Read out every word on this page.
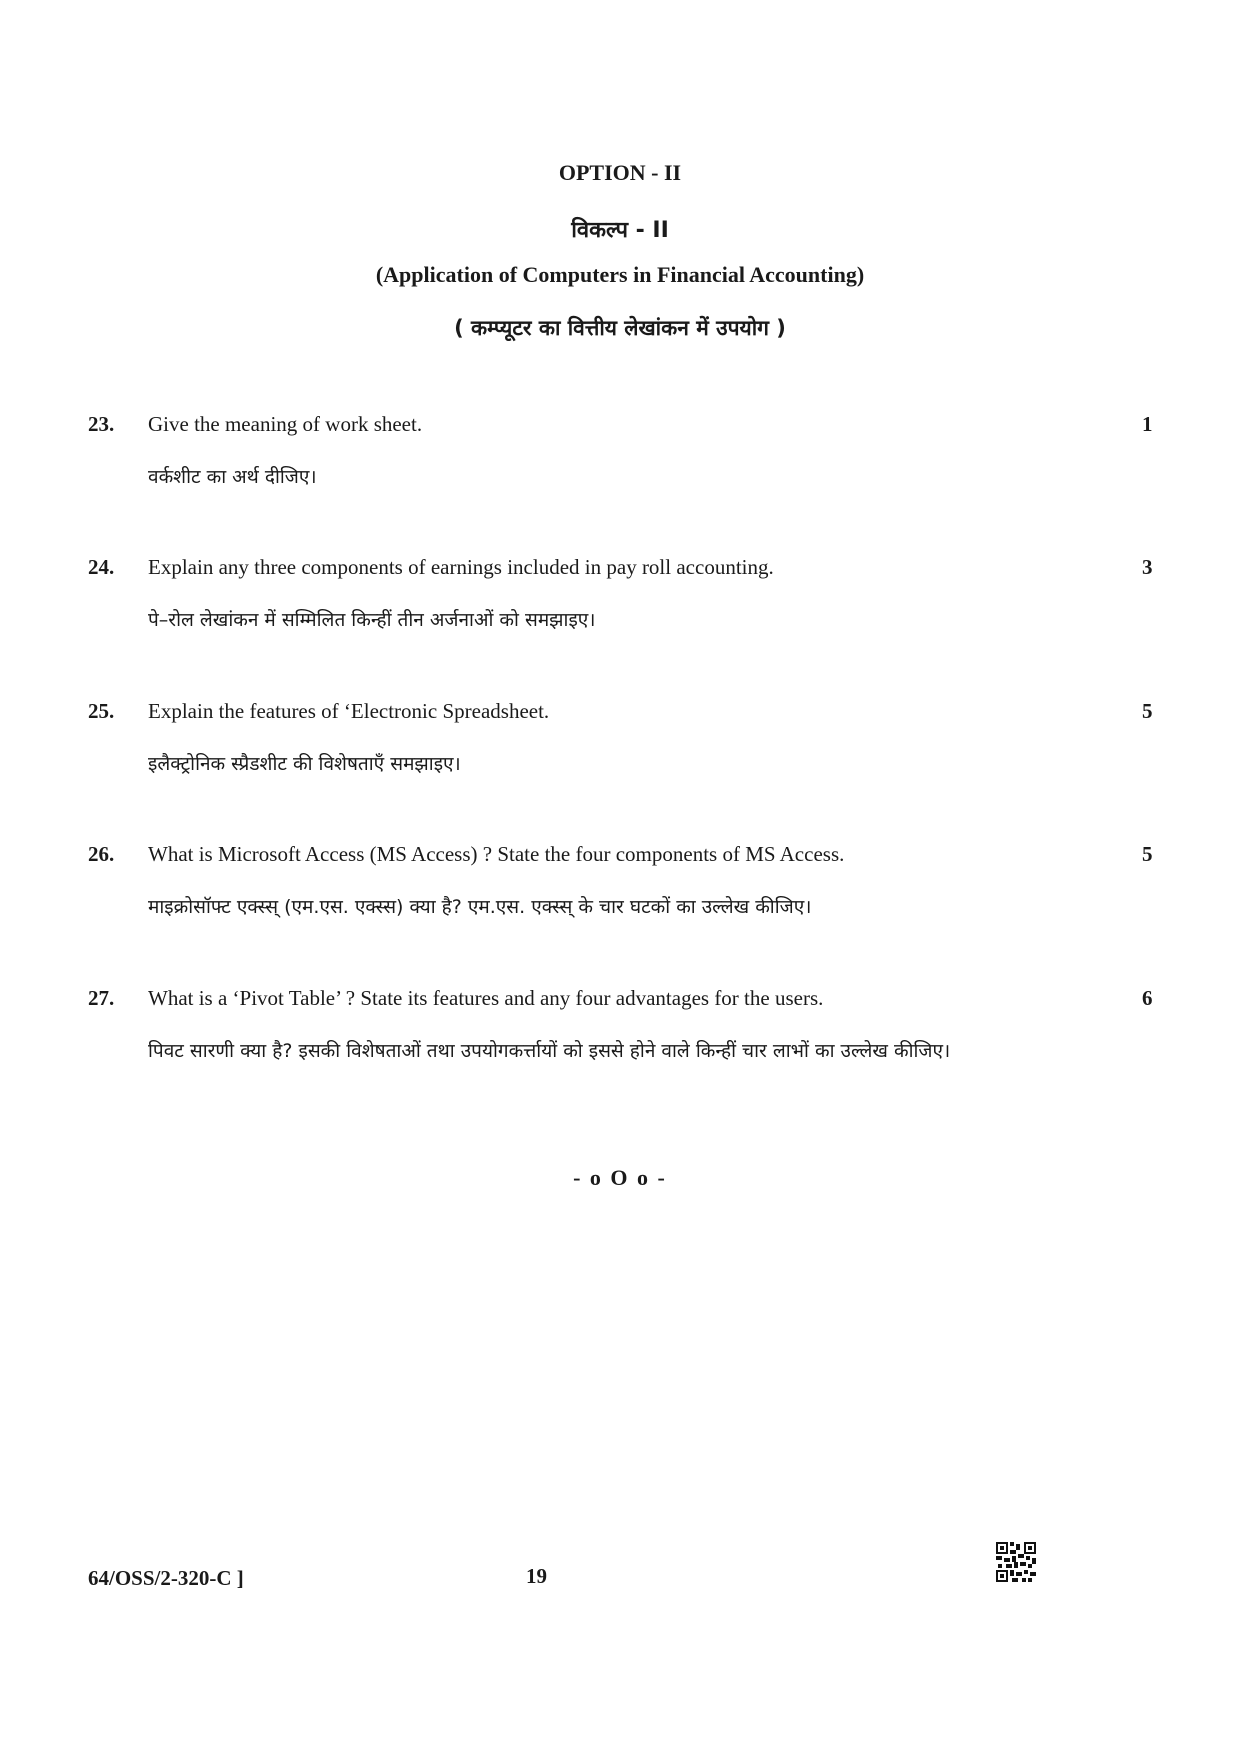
OPTION - II
विकल्प - II
(Application of Computers in Financial Accounting)
( कम्प्यूटर का वित्तीय लेखांकन में उपयोग )
23. Give the meaning of work sheet.	1
वर्कशीट का अर्थ दीजिए।
24. Explain any three components of earnings included in pay roll accounting.	3
पे–रोल लेखांकन में सम्मिलित किन्हीं तीन अर्जनाओं को समझाइए।
25. Explain the features of ‘Electronic Spreadsheet.	5
इलैक्ट्रोनिक स्प्रैडशीट की विशेषताएँ समझाइए।
26. What is Microsoft Access (MS Access) ? State the four components of MS Access.	5
माइक्रोसॉफ्ट एक्स्स् (एम.एस. एक्स्स) क्या है? एम.एस. एक्स्स् के चार घटकों का उल्लेख कीजिए।
27. What is a ‘Pivot Table’ ? State its features and any four advantages for the users.	6
पिवट सारणी क्या है? इसकी विशेषताओं तथा उपयोगकर्त्तायों को इससे होने वाले किन्हीं चार लाभों का उल्लेख कीजिए।
- o O o -
64/OSS/2-320-C ]	19
